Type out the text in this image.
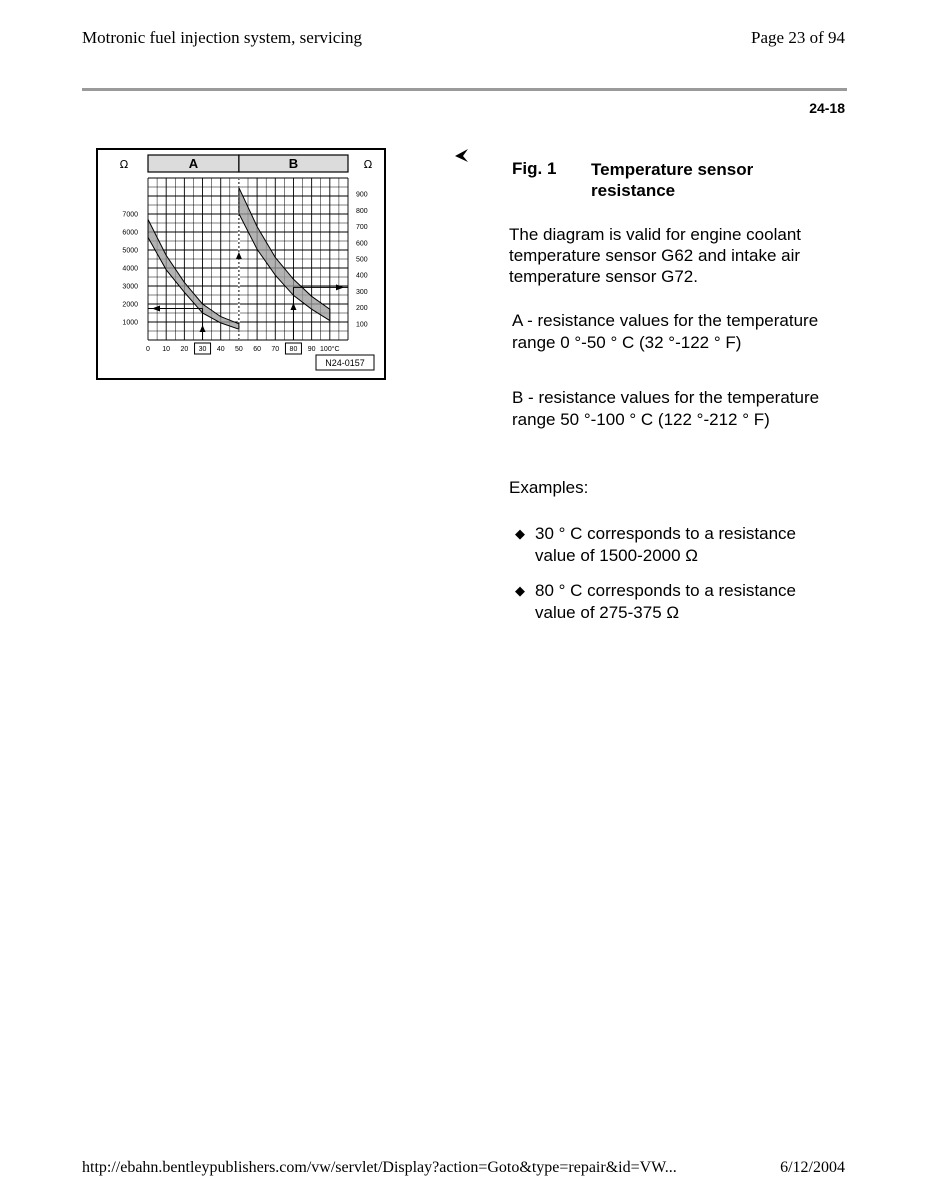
Motronic fuel injection system, servicing	Page 23 of 94
24-18
A	B
Ω	Ω
0 10 20 30 40 50 60 70 80 90 100°C
1000
2000
3000
4000
5000
6000
7000
100
200
300
400
500
600
700
800
900
N24-0157
Fig. 1 Temperature sensor resistance
The diagram is valid for engine coolant temperature sensor G62 and intake air temperature sensor G72.
A - resistance values for the temperature range 0 °-50 ° C (32 °-122 ° F)
B - resistance values for the temperature range 50 °-100 ° C (122 °-212 ° F)
Examples:
◆ 30 ° C corresponds to a resistance value of 1500-2000 Ω
◆ 80 ° C corresponds to a resistance value of 275-375 Ω
http://ebahn.bentleypublishers.com/vw/servlet/Display?action=Goto&type=repair&id=VW...	6/12/2004
